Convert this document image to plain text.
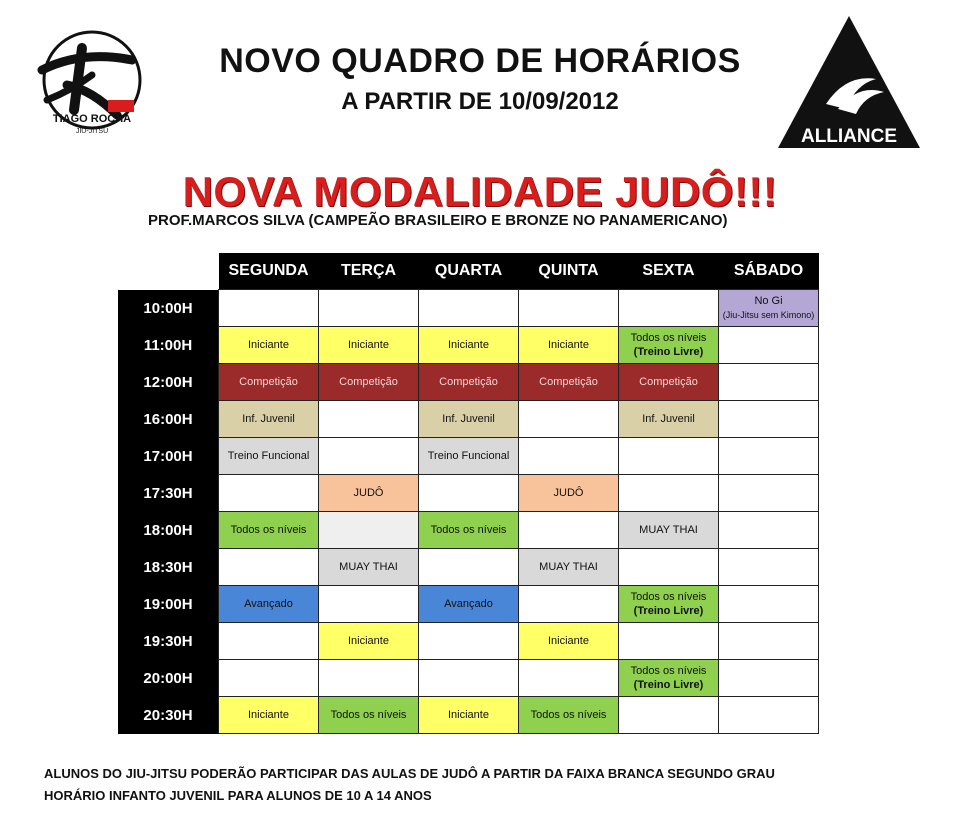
TIAGO ROCHA
JIU-JITSU	ALLIANCE
NOVO QUADRO DE HORÁRIOS
A PARTIR DE 10/09/2012
NOVA MODALIDADE JUDÔ!!!
PROF.MARCOS SILVA (CAMPEÃO BRASILEIRO E BRONZE NO PANAMERICANO)
	SEGUNDA	TERÇA	QUARTA	QUINTA	SEXTA	SÁBADO
10:00H						No Gi
(Jiu-Jitsu sem Kimono)

11:00H	Iniciante	Iniciante	Iniciante	Iniciante	Todos os níveis
(Treino Livre)	

12:00H	Competição	Competição	Competição	Competição	Competição	
16:00H	Inf. Juvenil		Inf. Juvenil		Inf. Juvenil	
17:00H	Treino Funcional		Treino Funcional			
17:30H		JUDÔ		JUDÔ		
18:00H	Todos os níveis		Todos os níveis		MUAY THAI	
18:30H		MUAY THAI		MUAY THAI		
19:00H	Avançado		Avançado		Todos os níveis
(Treino Livre)	

19:30H		Iniciante		Iniciante		
20:00H					Todos os níveis
(Treino Livre)	

20:30H	Iniciante	Todos os níveis	Iniciante	Todos os níveis		
ALUNOS DO JIU-JITSU PODERÃO PARTICIPAR DAS AULAS DE JUDÔ A PARTIR DA FAIXA BRANCA SEGUNDO GRAU
HORÁRIO INFANTO JUVENIL PARA ALUNOS DE 10 A 14 ANOS
